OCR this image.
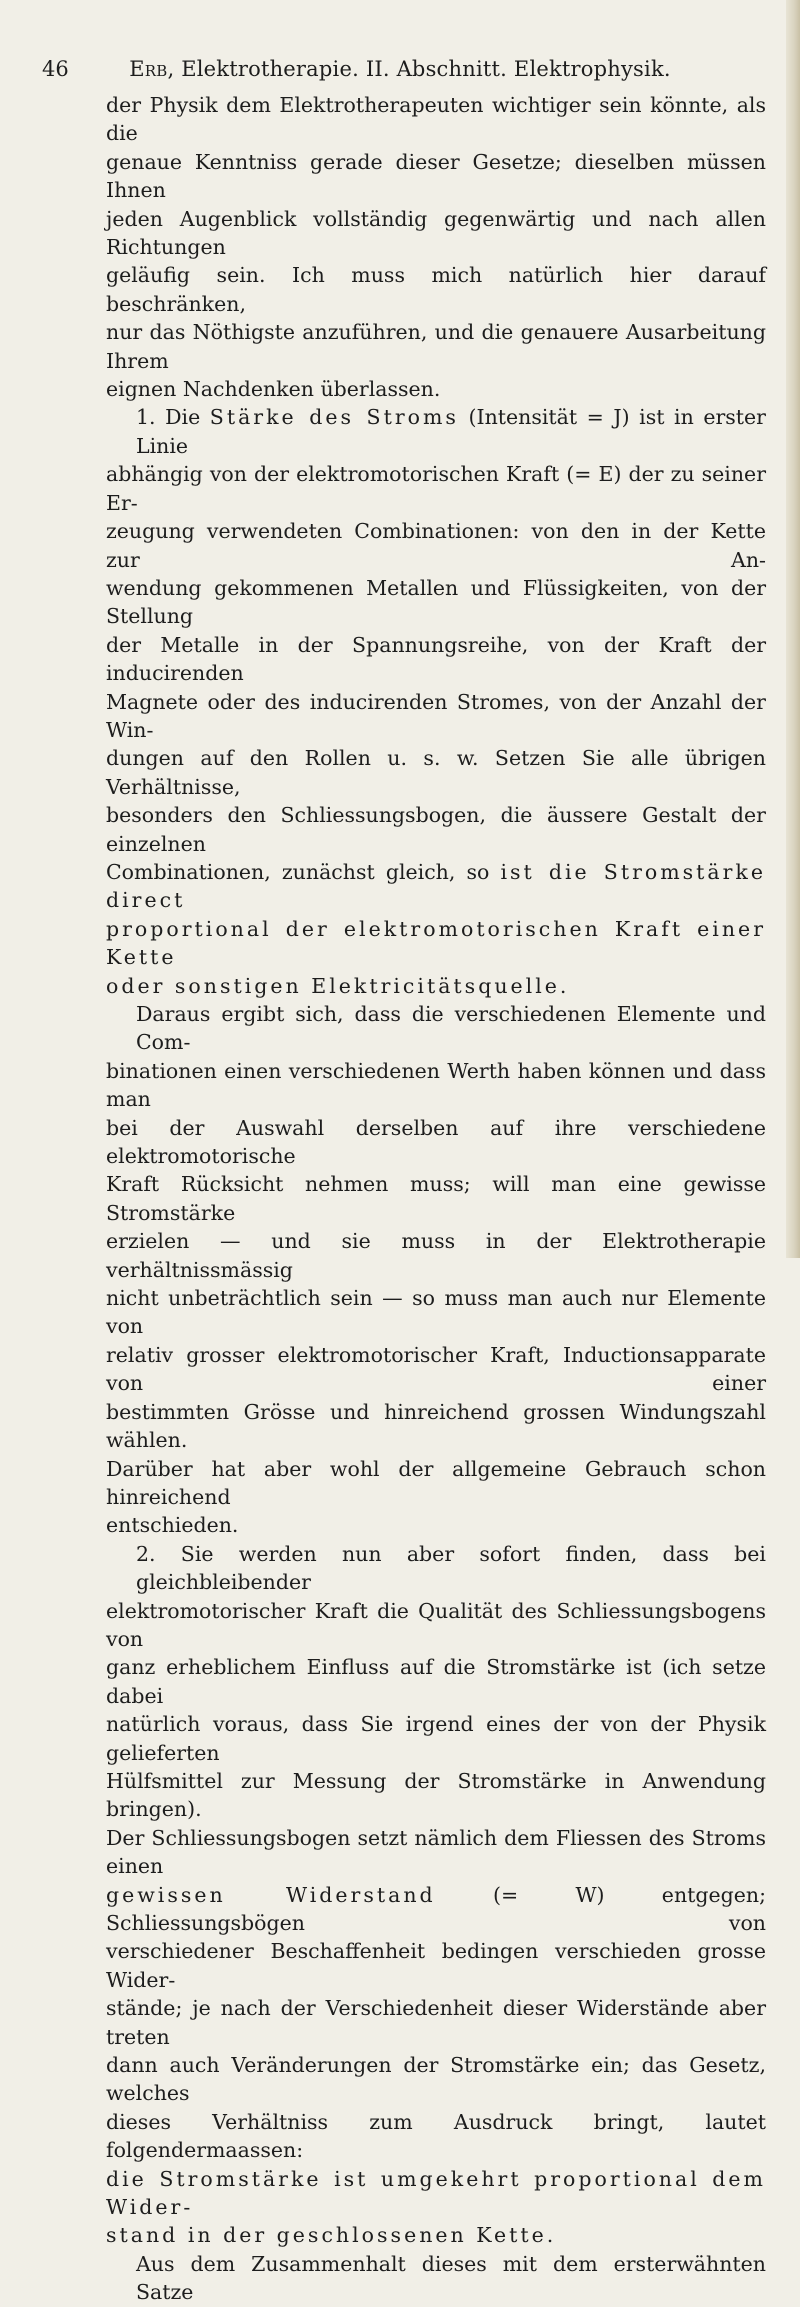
46	Erb, Elektrotherapie. II. Abschnitt. Elektrophysik.
der Physik dem Elektrotherapeuten wichtiger sein könnte, als die
genaue Kenntniss gerade dieser Gesetze; dieselben müssen Ihnen
jeden Augenblick vollständig gegenwärtig und nach allen Richtungen
geläufig sein. Ich muss mich natürlich hier darauf beschränken,
nur das Nöthigste anzuführen, und die genauere Ausarbeitung Ihrem
eignen Nachdenken überlassen.
1. Die Stärke des Stroms (Intensität = J) ist in erster Linie
abhängig von der elektromotorischen Kraft (= E) der zu seiner Er-
zeugung verwendeten Combinationen: von den in der Kette zur An-
wendung gekommenen Metallen und Flüssigkeiten, von der Stellung
der Metalle in der Spannungsreihe, von der Kraft der inducirenden
Magnete oder des inducirenden Stromes, von der Anzahl der Win-
dungen auf den Rollen u. s. w. Setzen Sie alle übrigen Verhältnisse,
besonders den Schliessungsbogen, die äussere Gestalt der einzelnen
Combinationen, zunächst gleich, so ist die Stromstärke direct
proportional der elektromotorischen Kraft einer Kette
oder sonstigen Elektricitätsquelle.
Daraus ergibt sich, dass die verschiedenen Elemente und Com-
binationen einen verschiedenen Werth haben können und dass man
bei der Auswahl derselben auf ihre verschiedene elektromotorische
Kraft Rücksicht nehmen muss; will man eine gewisse Stromstärke
erzielen — und sie muss in der Elektrotherapie verhältnissmässig
nicht unbeträchtlich sein — so muss man auch nur Elemente von
relativ grosser elektromotorischer Kraft, Inductionsapparate von einer
bestimmten Grösse und hinreichend grossen Windungszahl wählen.
Darüber hat aber wohl der allgemeine Gebrauch schon hinreichend
entschieden.
2. Sie werden nun aber sofort finden, dass bei gleichbleibender
elektromotorischer Kraft die Qualität des Schliessungsbogens von
ganz erheblichem Einfluss auf die Stromstärke ist (ich setze dabei
natürlich voraus, dass Sie irgend eines der von der Physik gelieferten
Hülfsmittel zur Messung der Stromstärke in Anwendung bringen).
Der Schliessungsbogen setzt nämlich dem Fliessen des Stroms einen
gewissen Widerstand (= W) entgegen; Schliessungsbögen von
verschiedener Beschaffenheit bedingen verschieden grosse Wider-
stände; je nach der Verschiedenheit dieser Widerstände aber treten
dann auch Veränderungen der Stromstärke ein; das Gesetz, welches
dieses Verhältniss zum Ausdruck bringt, lautet folgendermaassen:
die Stromstärke ist umgekehrt proportional dem Wider-
stand in der geschlossenen Kette.
Aus dem Zusammenhalt dieses mit dem ersterwähnten Satze
